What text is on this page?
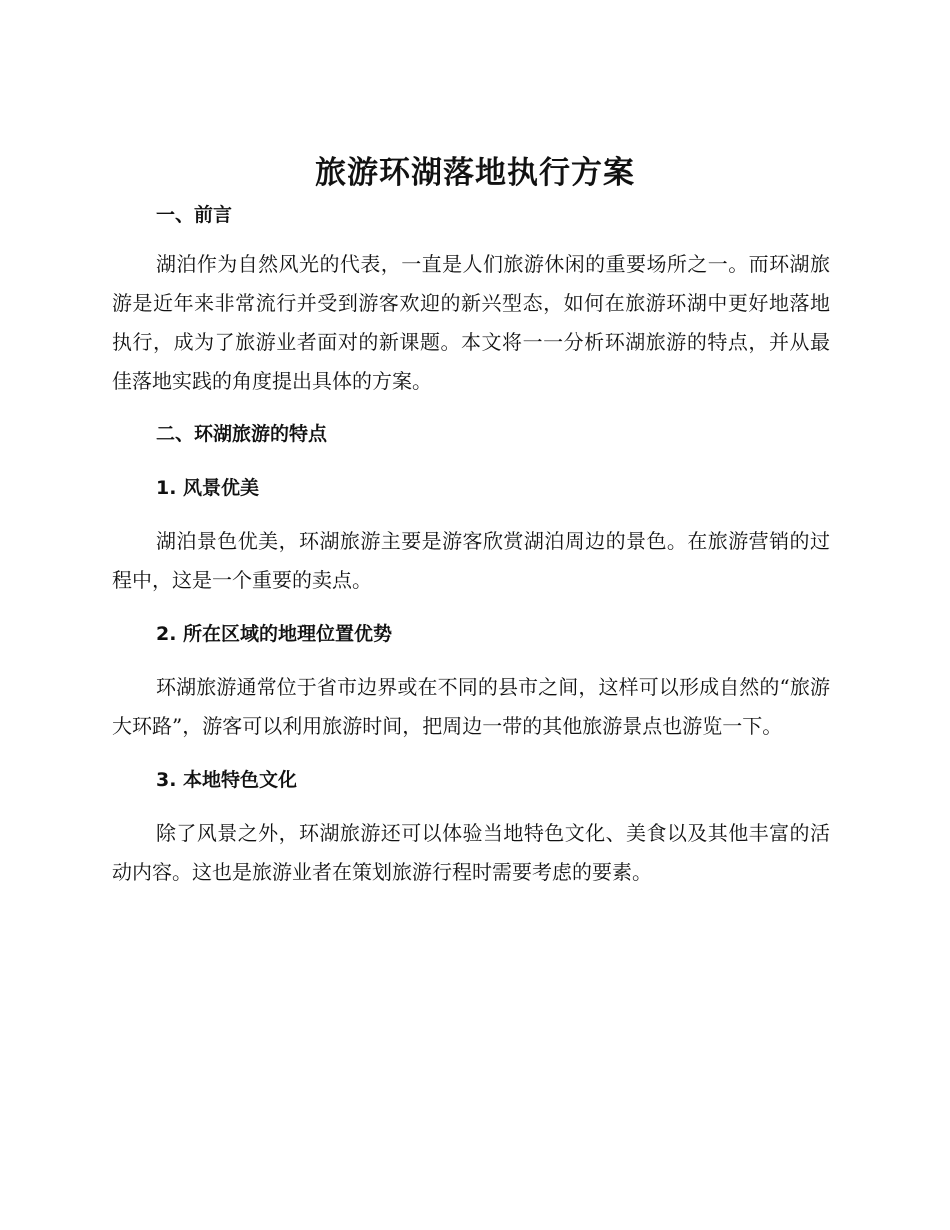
旅游环湖落地执行方案
一、前言

湖泊作为自然风光的代表，一直是人们旅游休闲的重要场所之一。而环湖旅游是近年来非常流行并受到游客欢迎的新兴型态，如何在旅游环湖中更好地落地执行，成为了旅游业者面对的新课题。本文将一一分析环湖旅游的特点，并从最佳落地实践的角度提出具体的方案。

二、环湖旅游的特点
1. 风景优美

湖泊景色优美，环湖旅游主要是游客欣赏湖泊周边的景色。在旅游营销的过程中，这是一个重要的卖点。

2. 所在区域的地理位置优势

环湖旅游通常位于省市边界或在不同的县市之间，这样可以形成自然的“旅游大环路”，游客可以利用旅游时间，把周边一带的其他旅游景点也游览一下。

3. 本地特色文化

除了风景之外，环湖旅游还可以体验当地特色文化、美食以及其他丰富的活动内容。这也是旅游业者在策划旅游行程时需要考虑的要素。
